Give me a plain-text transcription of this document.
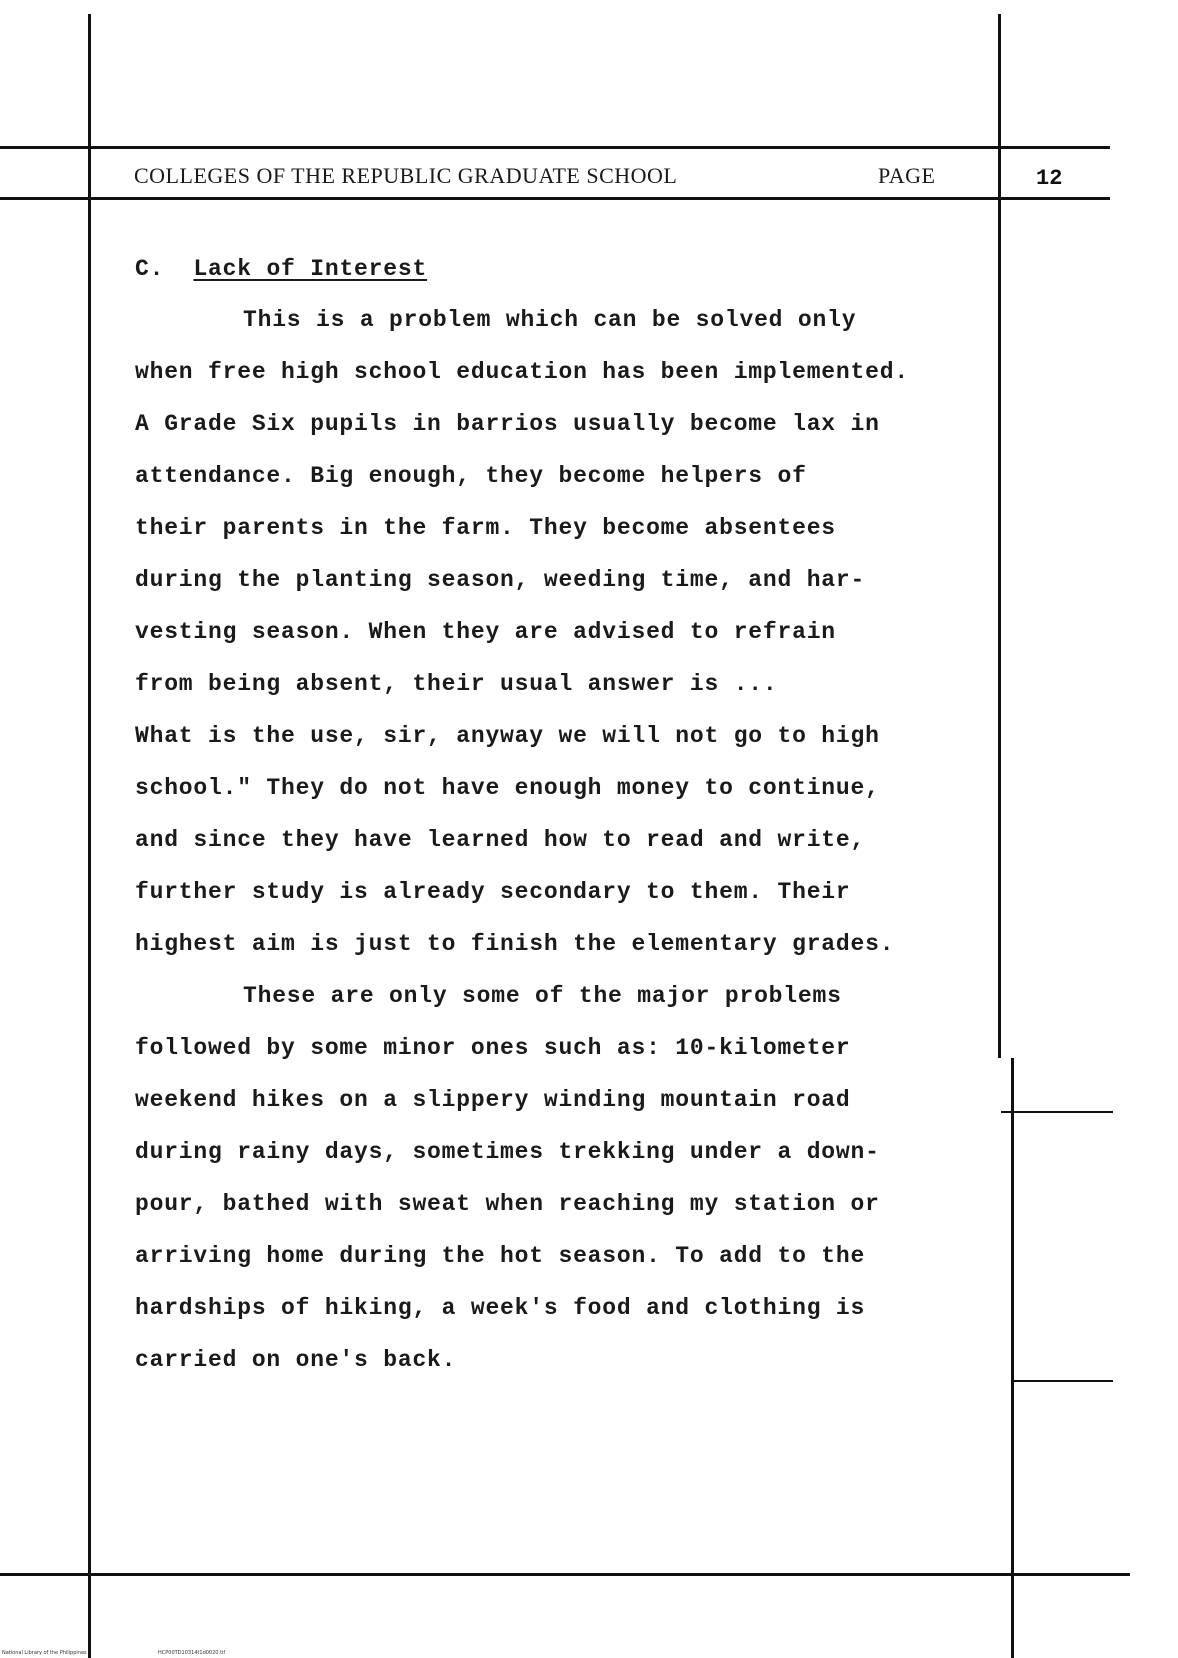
COLLEGES OF THE REPUBLIC GRADUATE SCHOOL	PAGE	12
C. Lack of Interest
This is a problem which can be solved only
when free high school education has been implemented.
A Grade Six pupils in barrios usually become lax in
attendance. Big enough, they become helpers of
their parents in the farm. They become absentees
during the planting season, weeding time, and har-
vesting season. When they are advised to refrain
from being absent, their usual answer is ...
What is the use, sir, anyway we will not go to high
school." They do not have enough money to continue,
and since they have learned how to read and write,
further study is already secondary to them. Their
highest aim is just to finish the elementary grades.
These are only some of the major problems
followed by some minor ones such as: 10-kilometer
weekend hikes on a slippery winding mountain road
during rainy days, sometimes trekking under a down-
pour, bathed with sweat when reaching my station or
arriving home during the hot season. To add to the
hardships of hiking, a week's food and clothing is
carried on one's back.
National Library of the Philippines	HCP00TD10314t1d0020.tif
